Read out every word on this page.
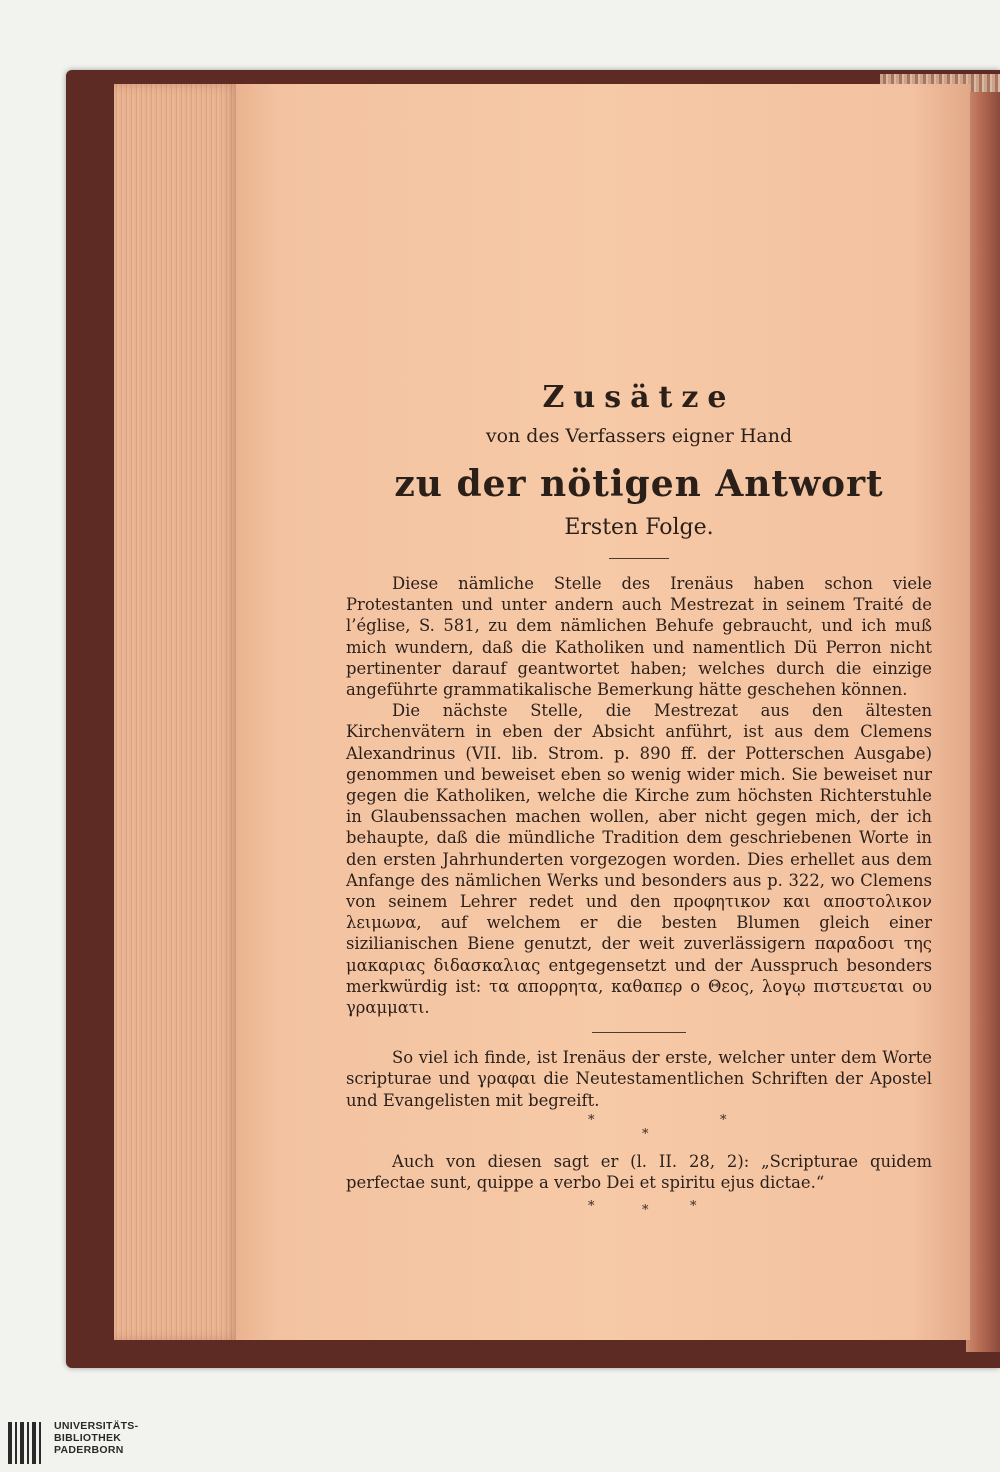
Zusätze

von des Verfassers eigner Hand

zu der nötigen Antwort

Ersten Folge.

Diese nämliche Stelle des Irenäus haben schon viele Protestanten und unter andern auch Mestrezat in seinem Traité de l’église, S. 581, zu dem nämlichen Behufe gebraucht, und ich muß mich wundern, daß die Katholiken und namentlich Dü Perron nicht pertinenter darauf geantwortet haben; welches durch die einzige angeführte grammatikalische Bemerkung hätte geschehen können.

Die nächste Stelle, die Mestrezat aus den ältesten Kirchenvätern in eben der Absicht anführt, ist aus dem Clemens Alexandrinus (VII. lib. Strom. p. 890 ff. der Potterschen Ausgabe) genommen und beweiset eben so wenig wider mich. Sie beweiset nur gegen die Katholiken, welche die Kirche zum höchsten Richterstuhle in Glaubenssachen machen wollen, aber nicht gegen mich, der ich behaupte, daß die mündliche Tradition dem geschriebenen Worte in den ersten Jahrhunderten vorgezogen worden. Dies erhellet aus dem Anfange des nämlichen Werks und besonders aus p. 322, wo Clemens von seinem Lehrer redet und den προφητικον και αποστολικον λειμωνα, auf welchem er die besten Blumen gleich einer sizilianischen Biene genutzt, der weit zuverlässigern παραδοσι της μακαριας διδασκαλιας entgegensetzt und der Ausspruch besonders merkwürdig ist: τα απορρητα, καθαπερ ο Θεος, λογῳ πιστευεται ου γραμματι.

So viel ich finde, ist Irenäus der erste, welcher unter dem Worte scripturae und γραφαι die Neutestamentlichen Schriften der Apostel und Evangelisten mit begreift.

*	*
*

Auch von diesen sagt er (l. II. 28, 2): „Scripturae quidem perfectae sunt, quippe a verbo Dei et spiritu ejus dictae.“

*	*	*
UNIVERSITÄTS-
BIBLIOTHEK
PADERBORN
